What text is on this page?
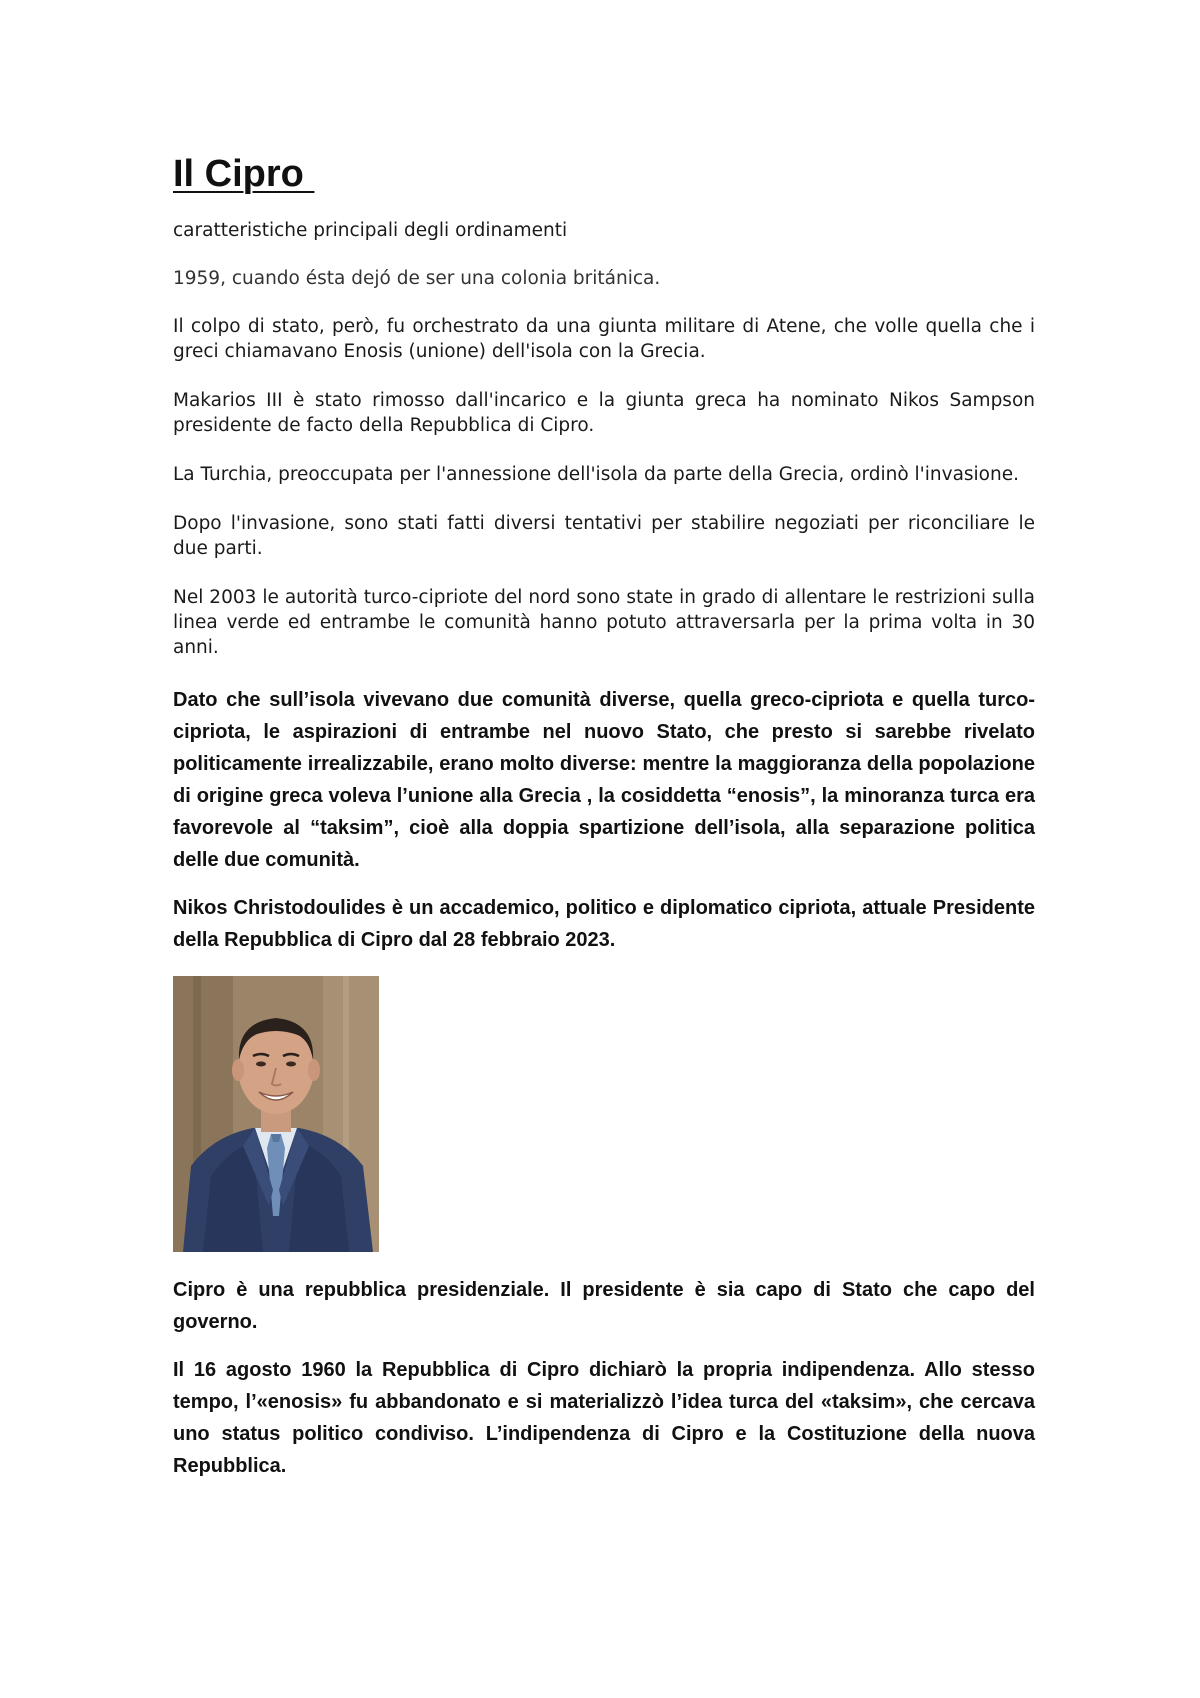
Il Cipro

caratteristiche principali degli ordinamenti

1959, cuando ésta dejó de ser una colonia británica.

Il colpo di stato, però, fu orchestrato da una giunta militare di Atene, che volle quella che i greci chiamavano Enosis (unione) dell'isola con la Grecia.

Makarios III è stato rimosso dall'incarico e la giunta greca ha nominato Nikos Sampson presidente de facto della Repubblica di Cipro.

La Turchia, preoccupata per l'annessione dell'isola da parte della Grecia, ordinò l'invasione.

Dopo l'invasione, sono stati fatti diversi tentativi per stabilire negoziati per riconciliare le due parti.

Nel 2003 le autorità turco-cipriote del nord sono state in grado di allentare le restrizioni sulla linea verde ed entrambe le comunità hanno potuto attraversarla per la prima volta in 30 anni.

Dato che sull’isola vivevano due comunità diverse, quella greco-cipriota e quella turco-cipriota, le aspirazioni di entrambe nel nuovo Stato, che presto si sarebbe rivelato politicamente irrealizzabile, erano molto diverse: mentre la maggioranza della popolazione di origine greca voleva l’unione alla Grecia , la cosiddetta “enosis”, la minoranza turca era favorevole al “taksim”, cioè alla doppia spartizione dell’isola, alla separazione politica delle due comunità.

Nikos Christodoulides è un accademico, politico e diplomatico cipriota, attuale Presidente della Repubblica di Cipro dal 28 febbraio 2023.

Cipro è una repubblica presidenziale. Il presidente è sia capo di Stato che capo del governo.

Il 16 agosto 1960 la Repubblica di Cipro dichiarò la propria indipendenza. Allo stesso tempo, l’«enosis» fu abbandonato e si materializzò l’idea turca del «taksim», che cercava uno status politico condiviso. L’indipendenza di Cipro e la Costituzione della nuova Repubblica.
